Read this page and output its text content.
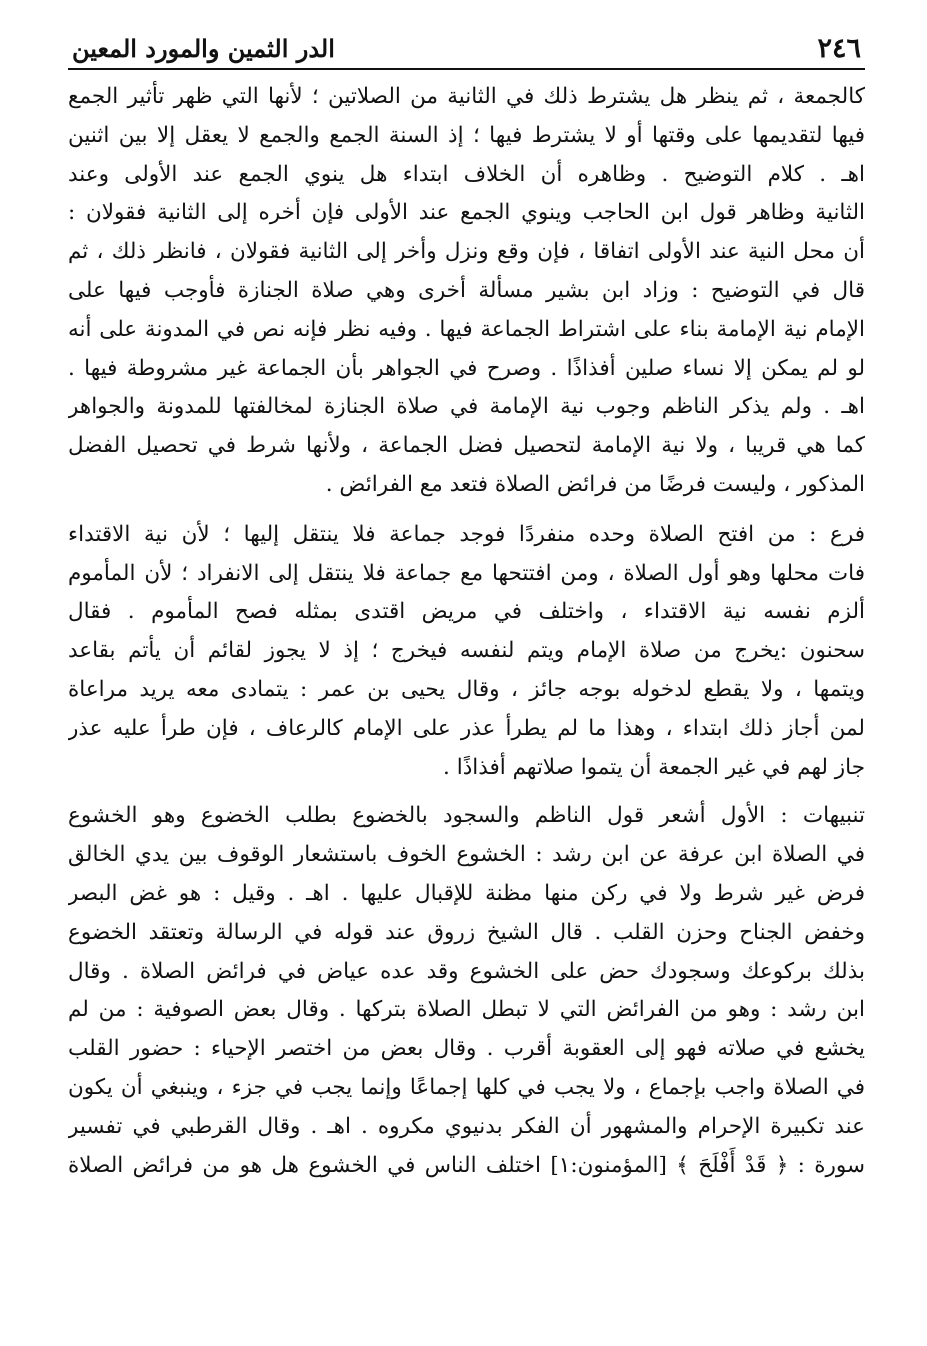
٢٤٦
الدر الثمين والمورد المعين
كالجمعة ، ثم ينظر هل يشترط ذلك في الثانية من الصلاتين ؛ لأنها التي ظهر تأثير الجمع
فيها لتقديمها على وقتها أو لا يشترط فيها ؛ إذ السنة الجمع والجمع لا يعقل إلا بين اثنين
اهـ . كلام التوضيح . وظاهره أن الخلاف ابتداء هل ينوي الجمع عند الأولى وعند
الثانية وظاهر قول ابن الحاجب وينوي الجمع عند الأولى فإن أخره إلى الثانية فقولان :
أن محل النية عند الأولى اتفاقا ، فإن وقع ونزل وأخر إلى الثانية فقولان ، فانظر ذلك ، ثم
قال في التوضيح : وزاد ابن بشير مسألة أخرى وهي صلاة الجنازة فأوجب فيها على
الإمام نية الإمامة بناء على اشتراط الجماعة فيها . وفيه نظر فإنه نص في المدونة على أنه
لو لم يمكن إلا نساء صلين أفذاذًا . وصرح في الجواهر بأن الجماعة غير مشروطة فيها .
اهـ . ولم يذكر الناظم وجوب نية الإمامة في صلاة الجنازة لمخالفتها للمدونة والجواهر
كما هي قريبا ، ولا نية الإمامة لتحصيل فضل الجماعة ، ولأنها شرط في تحصيل الفضل
المذكور ، وليست فرضًا من فرائض الصلاة فتعد مع الفرائض .
فرع : من افتح الصلاة وحده منفردًا فوجد جماعة فلا ينتقل إليها ؛ لأن نية الاقتداء
فات محلها وهو أول الصلاة ، ومن افتتحها مع جماعة فلا ينتقل إلى الانفراد ؛ لأن المأموم
ألزم نفسه نية الاقتداء ، واختلف في مريض اقتدى بمثله فصح المأموم . فقال
سحنون :يخرج من صلاة الإمام ويتم لنفسه فيخرج ؛ إذ لا يجوز لقائم أن يأتم بقاعد
ويتمها ، ولا يقطع لدخوله بوجه جائز ، وقال يحيى بن عمر : يتمادى معه يريد مراعاة
لمن أجاز ذلك ابتداء ، وهذا ما لم يطرأ عذر على الإمام كالرعاف ، فإن طرأ عليه عذر
جاز لهم في غير الجمعة أن يتموا صلاتهم أفذاذًا .
تنبيهات : الأول أشعر قول الناظم والسجود بالخضوع بطلب الخضوع وهو الخشوع
في الصلاة ابن عرفة عن ابن رشد : الخشوع الخوف باستشعار الوقوف بين يدي الخالق
فرض غير شرط ولا في ركن منها مظنة للإقبال عليها . اهـ . وقيل : هو غض البصر
وخفض الجناح وحزن القلب . قال الشيخ زروق عند قوله في الرسالة وتعتقد الخضوع
بذلك بركوعك وسجودك حض على الخشوع وقد عده عياض في فرائض الصلاة . وقال
ابن رشد : وهو من الفرائض التي لا تبطل الصلاة بتركها . وقال بعض الصوفية : من لم
يخشع في صلاته فهو إلى العقوبة أقرب . وقال بعض من اختصر الإحياء : حضور القلب
في الصلاة واجب بإجماع ، ولا يجب في كلها إجماعًا وإنما يجب في جزء ، وينبغي أن يكون
عند تكبيرة الإحرام والمشهور أن الفكر بدنيوي مكروه . اهـ . وقال القرطبي في تفسير
سورة : ﴿ قَدْ أَفْلَحَ ﴾ [المؤمنون:١] اختلف الناس في الخشوع هل هو من فرائض الصلاة
